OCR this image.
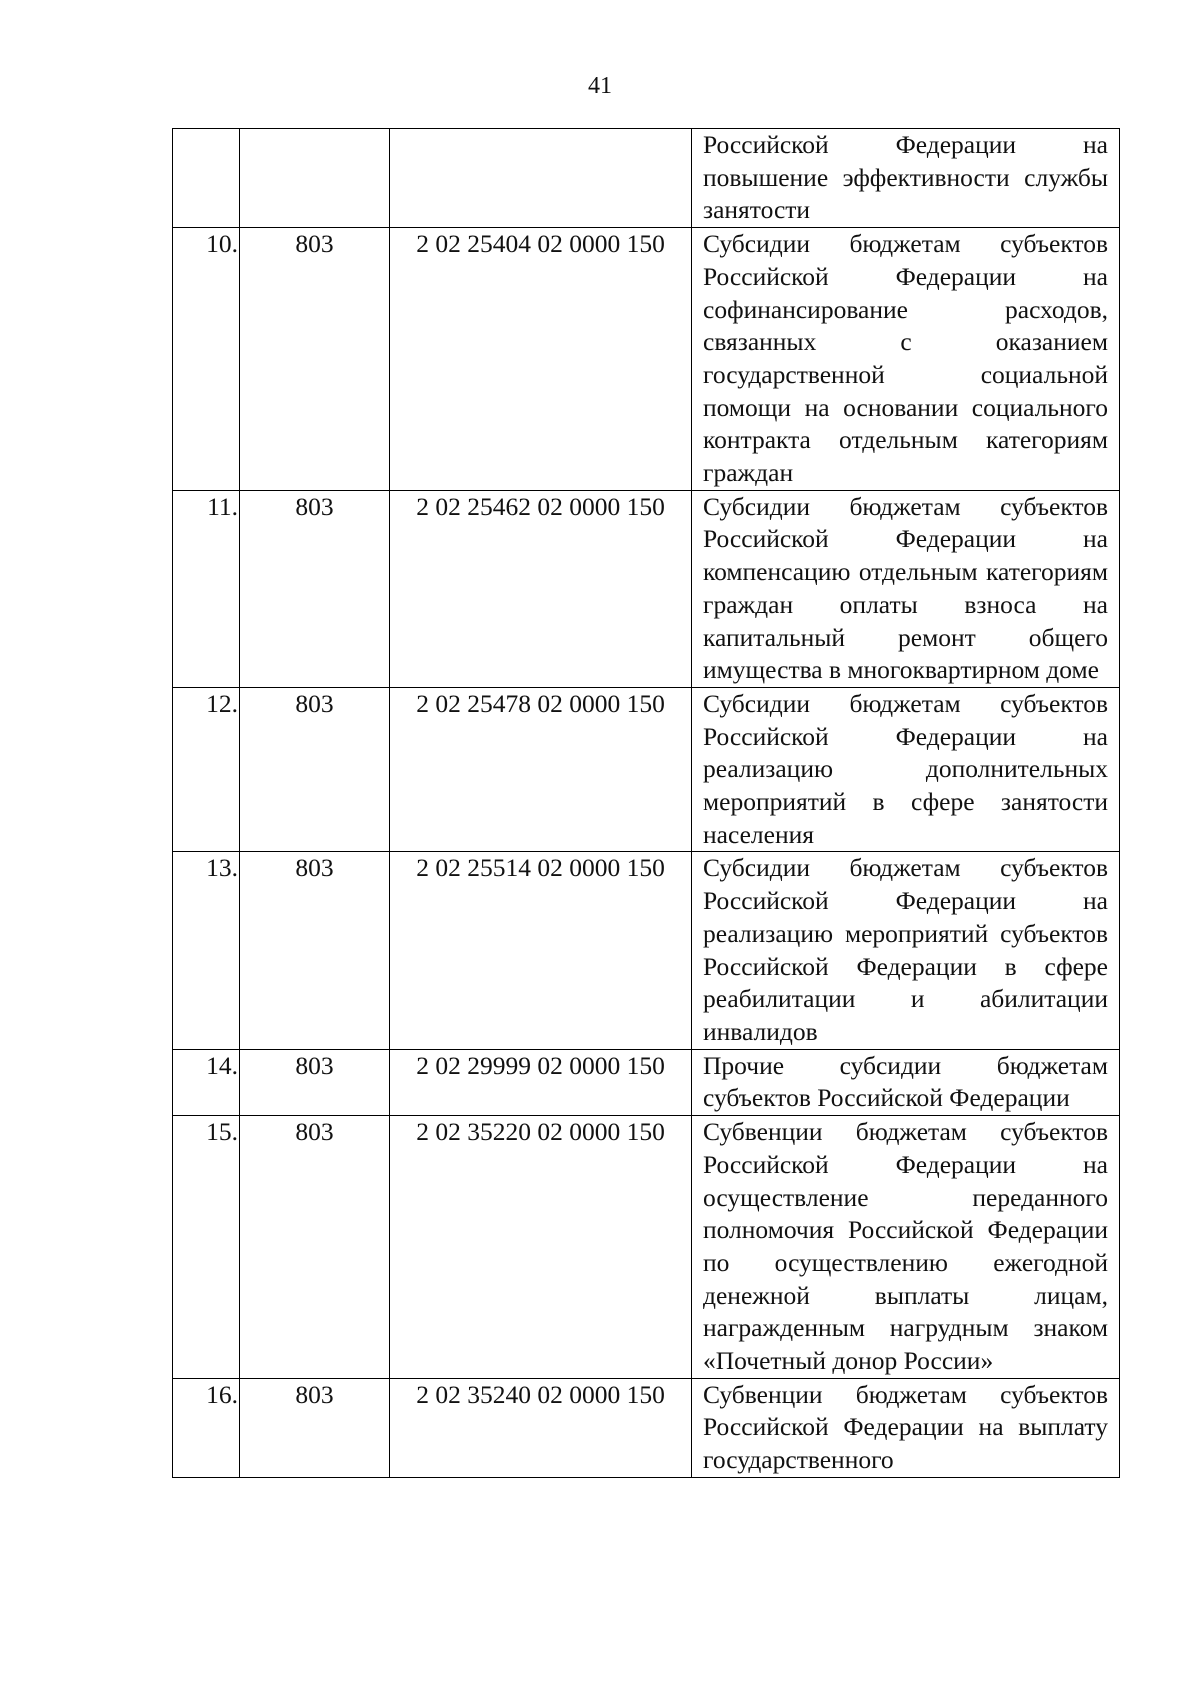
41

			Российской Федерации на повышение эффективности службы занятости

10.	803	2 02 25404 02 0000 150	Субсидии бюджетам субъектов Российской Федерации на софинансирование расходов, связанных с оказанием государственной социальной помощи на основании социального контракта отдельным категориям граждан

11.	803	2 02 25462 02 0000 150	Субсидии бюджетам субъектов Российской Федерации на компенсацию отдельным категориям граждан оплаты взноса на капитальный ремонт общего имущества в многоквартирном доме

12.	803	2 02 25478 02 0000 150	Субсидии бюджетам субъектов Российской Федерации на реализацию дополнительных мероприятий в сфере занятости населения

13.	803	2 02 25514 02 0000 150	Субсидии бюджетам субъектов Российской Федерации на реализацию мероприятий субъектов Российской Федерации в сфере реабилитации и абилитации инвалидов

14.	803	2 02 29999 02 0000 150	Прочие субсидии бюджетам субъектов Российской Федерации

15.	803	2 02 35220 02 0000 150	Субвенции бюджетам субъектов Российской Федерации на осуществление переданного полномочия Российской Федерации по осуществлению ежегодной денежной выплаты лицам, награжденным нагрудным знаком «Почетный донор России»

16.	803	2 02 35240 02 0000 150	Субвенции бюджетам субъектов Российской Федерации на выплату государственного
